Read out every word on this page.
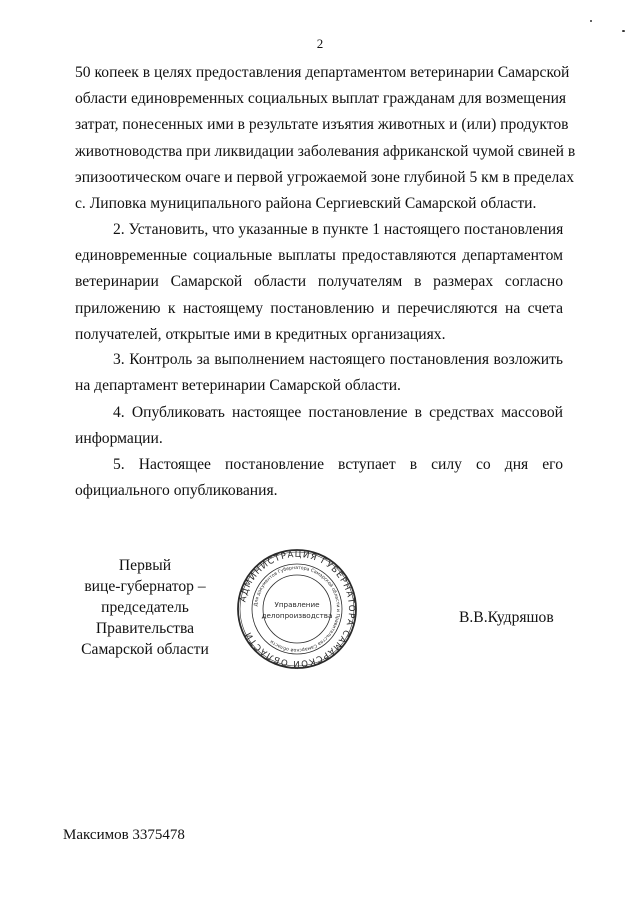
2
50 копеек в целях предоставления департаментом ветеринарии Самарской
области единовременных социальных выплат гражданам для возмещения
затрат, понесенных ими в результате изъятия животных и (или) продуктов
животноводства при ликвидации заболевания африканской чумой свиней в
эпизоотическом очаге и первой угрожаемой зоне глубиной 5 км в пределах
с. Липовка муниципального района Сергиевский Самарской области.
2. Установить, что указанные в пункте 1 настоящего постановления
единовременные социальные выплаты предоставляются департаментом
ветеринарии Самарской области получателям в размерах согласно
приложению к настоящему постановлению и перечисляются на счета
получателей, открытые ими в кредитных организациях.
3. Контроль за выполнением настоящего постановления возложить
на департамент ветеринарии Самарской области.
4. Опубликовать настоящее постановление в средствах массовой
информации.
5. Настоящее постановление вступает в силу со дня его
официального опубликования.
Первый
вице-губернатор –
председатель Правительства
Самарской области
В.В.Кудряшов
АДМИНИСТРАЦИЯ ГУБЕРНАТОРА САМАРСКОЙ ОБЛАСТИ
Для документов Губернатора Самарской области и Правительства Самарской области
Управление
делопроизводства
Максимов 3375478
